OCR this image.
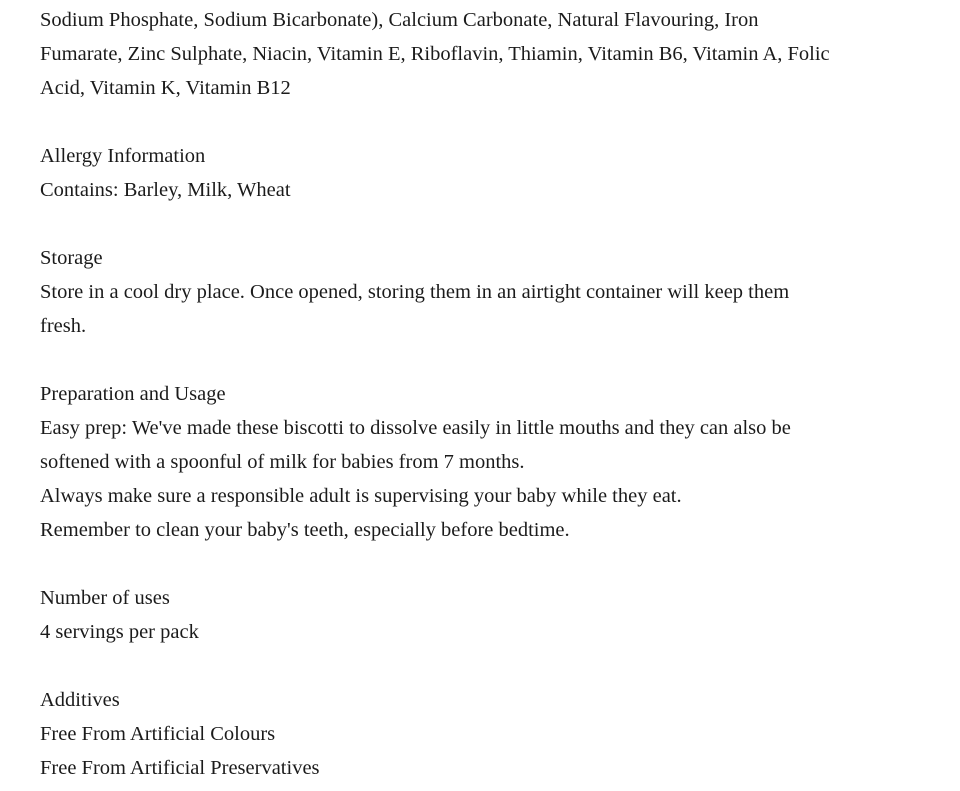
Sodium Phosphate, Sodium Bicarbonate), Calcium Carbonate, Natural Flavouring, Iron
Fumarate, Zinc Sulphate, Niacin, Vitamin E, Riboflavin, Thiamin, Vitamin B6, Vitamin A, Folic
Acid, Vitamin K, Vitamin B12
Allergy Information
Contains: Barley, Milk, Wheat
Storage
Store in a cool dry place. Once opened, storing them in an airtight container will keep them
fresh.
Preparation and Usage
Easy prep: We've made these biscotti to dissolve easily in little mouths and they can also be
softened with a spoonful of milk for babies from 7 months.
Always make sure a responsible adult is supervising your baby while they eat.
Remember to clean your baby's teeth, especially before bedtime.
Number of uses
4 servings per pack
Additives
Free From Artificial Colours
Free From Artificial Preservatives
